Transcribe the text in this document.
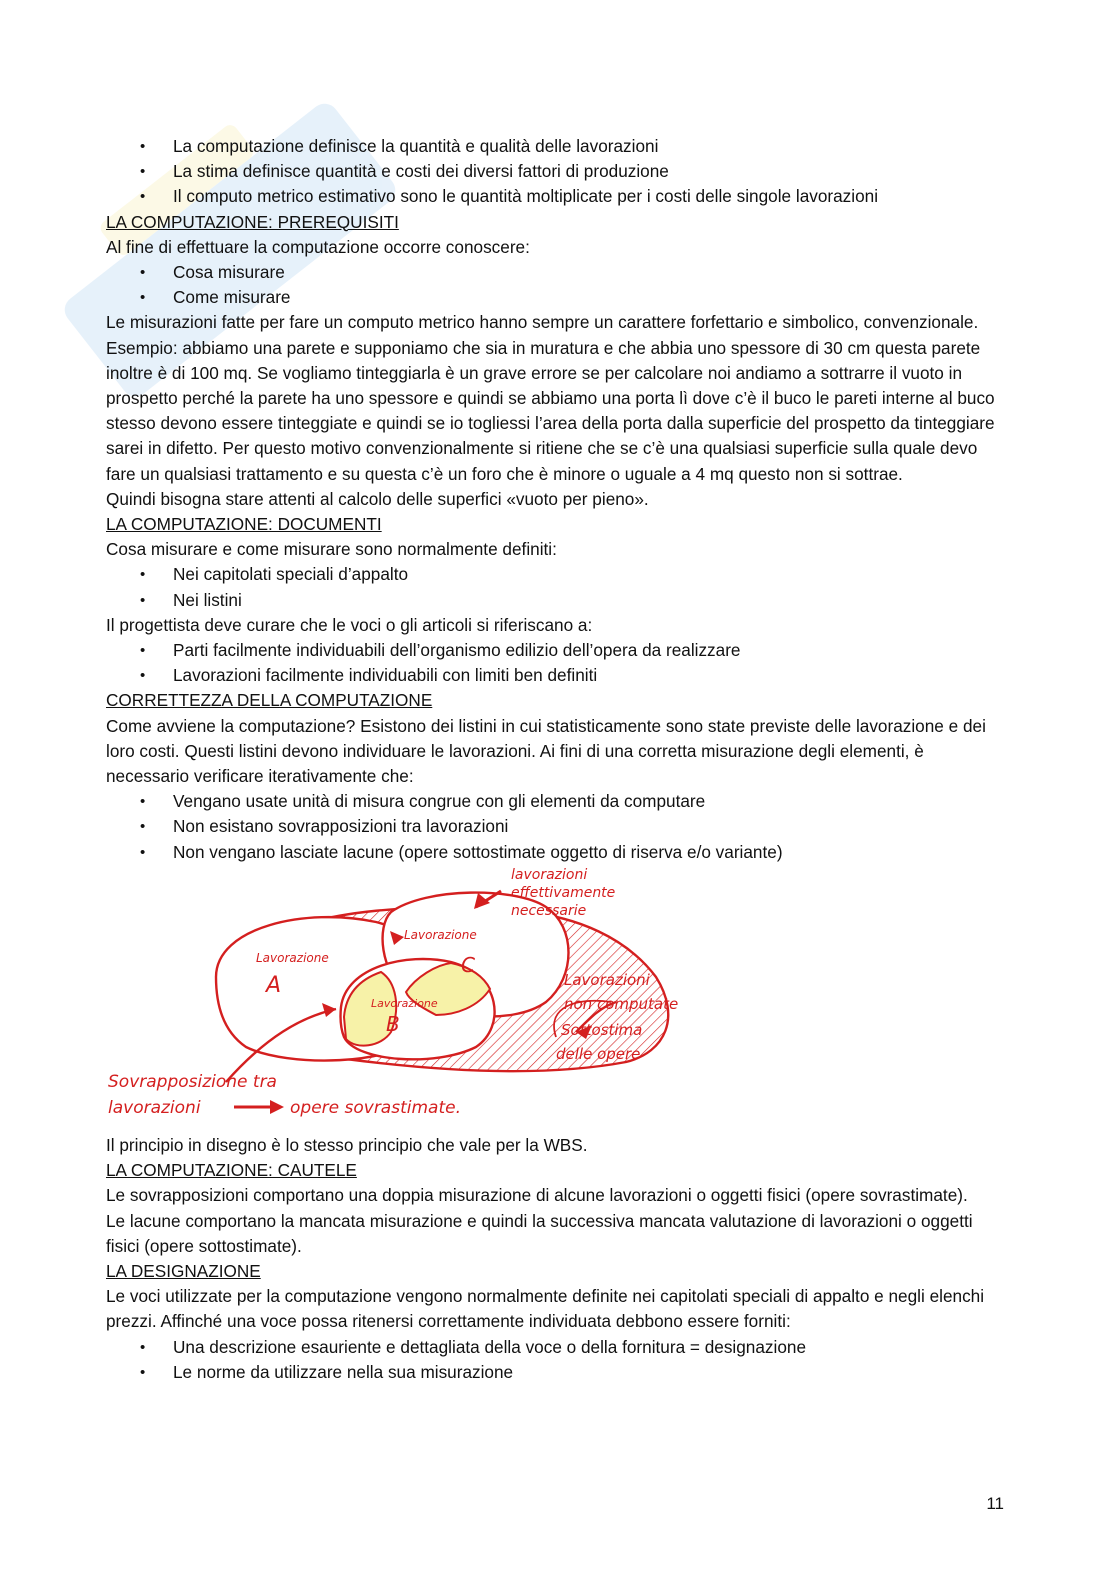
• La computazione definisce la quantità e qualità delle lavorazioni
• La stima definisce quantità e costi dei diversi fattori di produzione
• Il computo metrico estimativo sono le quantità moltiplicate per i costi delle singole lavorazioni

LA COMPUTAZIONE: PREREQUISITI

Al fine di effettuare la computazione occorre conoscere:

• Cosa misurare
• Come misurare

Le misurazioni fatte per fare un computo metrico hanno sempre un carattere forfettario e simbolico, convenzionale. Esempio: abbiamo una parete e supponiamo che sia in muratura e che abbia uno spessore di 30 cm questa parete inoltre è di 100 mq. Se vogliamo tinteggiarla è un grave errore se per calcolare noi andiamo a sottrarre il vuoto in prospetto perché la parete ha uno spessore e quindi se abbiamo una porta lì dove c’è il buco le pareti interne al buco stesso devono essere tinteggiate e quindi se io togliessi l’area della porta dalla superficie del prospetto da tinteggiare sarei in difetto. Per questo motivo convenzionalmente si ritiene che se c’è una qualsiasi superficie sulla quale devo fare un qualsiasi trattamento e su questa c’è un foro che è minore o uguale a 4 mq questo non si sottrae.

Quindi bisogna stare attenti al calcolo delle superfici «vuoto per pieno».

LA COMPUTAZIONE: DOCUMENTI

Cosa misurare e come misurare sono normalmente definiti:

• Nei capitolati speciali d’appalto
• Nei listini

Il progettista deve curare che le voci o gli articoli si riferiscano a:

• Parti facilmente individuabili dell’organismo edilizio dell’opera da realizzare
• Lavorazioni facilmente individuabili con limiti ben definiti

CORRETTEZZA DELLA COMPUTAZIONE

Come avviene la computazione? Esistono dei listini in cui statisticamente sono state previste delle lavorazione e dei loro costi. Questi listini devono individuare le lavorazioni. Ai fini di una corretta misurazione degli elementi, è necessario verificare iterativamente che:

• Vengano usate unità di misura congrue con gli elementi da computare
• Non esistano sovrapposizioni tra lavorazioni
• Non vengano lasciate lacune (opere sottostimate oggetto di riserva e/o variante)
lavorazioni
effettivamente
necessarie
Lavorazione
A
Lavorazione
C
Lavorazione
B
Lavorazioni
non computate
Sottostima
delle opere
Sovrapposizione tra
lavorazioni	opere sovrastimate.

Il principio in disegno è lo stesso principio che vale per la WBS.

LA COMPUTAZIONE: CAUTELE

Le sovrapposizioni comportano una doppia misurazione di alcune lavorazioni o oggetti fisici (opere sovrastimate).

Le lacune comportano la mancata misurazione e quindi la successiva mancata valutazione di lavorazioni o oggetti fisici (opere sottostimate).

LA DESIGNAZIONE

Le voci utilizzate per la computazione vengono normalmente definite nei capitolati speciali di appalto e negli elenchi prezzi. Affinché una voce possa ritenersi correttamente individuata debbono essere forniti:

• Una descrizione esauriente e dettagliata della voce o della fornitura = designazione
• Le norme da utilizzare nella sua misurazione
11
